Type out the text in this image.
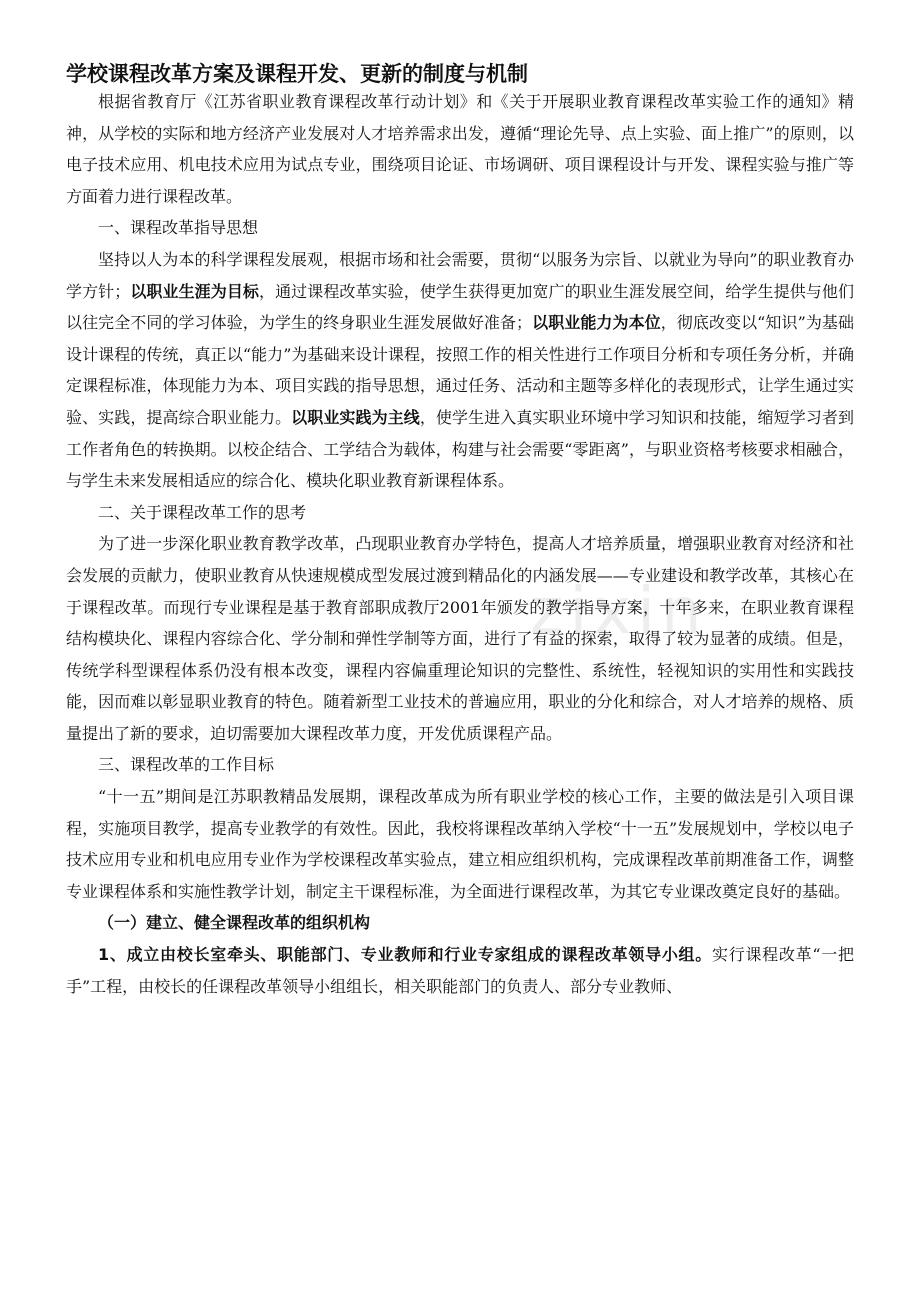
zixin
学校课程改革方案及课程开发、更新的制度与机制

根据省教育厅《江苏省职业教育课程改革行动计划》和《关于开展职业教育课程改革实验工作的通知》精神，从学校的实际和地方经济产业发展对人才培养需求出发，遵循“理论先导、点上实验、面上推广”的原则，以电子技术应用、机电技术应用为试点专业，围绕项目论证、市场调研、项目课程设计与开发、课程实验与推广等方面着力进行课程改革。

一、课程改革指导思想

坚持以人为本的科学课程发展观，根据市场和社会需要，贯彻“以服务为宗旨、以就业为导向”的职业教育办学方针；以职业生涯为目标，通过课程改革实验，使学生获得更加宽广的职业生涯发展空间，给学生提供与他们以往完全不同的学习体验，为学生的终身职业生涯发展做好准备；以职业能力为本位，彻底改变以“知识”为基础设计课程的传统，真正以“能力”为基础来设计课程，按照工作的相关性进行工作项目分析和专项任务分析，并确定课程标准，体现能力为本、项目实践的指导思想，通过任务、活动和主题等多样化的表现形式，让学生通过实验、实践，提高综合职业能力。以职业实践为主线，使学生进入真实职业环境中学习知识和技能，缩短学习者到工作者角色的转换期。以校企结合、工学结合为载体，构建与社会需要“零距离”，与职业资格考核要求相融合，与学生未来发展相适应的综合化、模块化职业教育新课程体系。

二、关于课程改革工作的思考

为了进一步深化职业教育教学改革，凸现职业教育办学特色，提高人才培养质量，增强职业教育对经济和社会发展的贡献力，使职业教育从快速规模成型发展过渡到精品化的内涵发展——专业建设和教学改革，其核心在于课程改革。而现行专业课程是基于教育部职成教厅2001年颁发的教学指导方案，十年多来，在职业教育课程结构模块化、课程内容综合化、学分制和弹性学制等方面，进行了有益的探索，取得了较为显著的成绩。但是，传统学科型课程体系仍没有根本改变，课程内容偏重理论知识的完整性、系统性，轻视知识的实用性和实践技能，因而难以彰显职业教育的特色。随着新型工业技术的普遍应用，职业的分化和综合，对人才培养的规格、质量提出了新的要求，迫切需要加大课程改革力度，开发优质课程产品。

三、课程改革的工作目标

“十一五”期间是江苏职教精品发展期，课程改革成为所有职业学校的核心工作，主要的做法是引入项目课程，实施项目教学，提高专业教学的有效性。因此，我校将课程改革纳入学校“十一五”发展规划中，学校以电子技术应用专业和机电应用专业作为学校课程改革实验点，建立相应组织机构，完成课程改革前期准备工作，调整专业课程体系和实施性教学计划，制定主干课程标准，为全面进行课程改革，为其它专业课改奠定良好的基础。

（一）建立、健全课程改革的组织机构

1、成立由校长室牵头、职能部门、专业教师和行业专家组成的课程改革领导小组。实行课程改革“一把手”工程，由校长的任课程改革领导小组组长，相关职能部门的负责人、部分专业教师、
